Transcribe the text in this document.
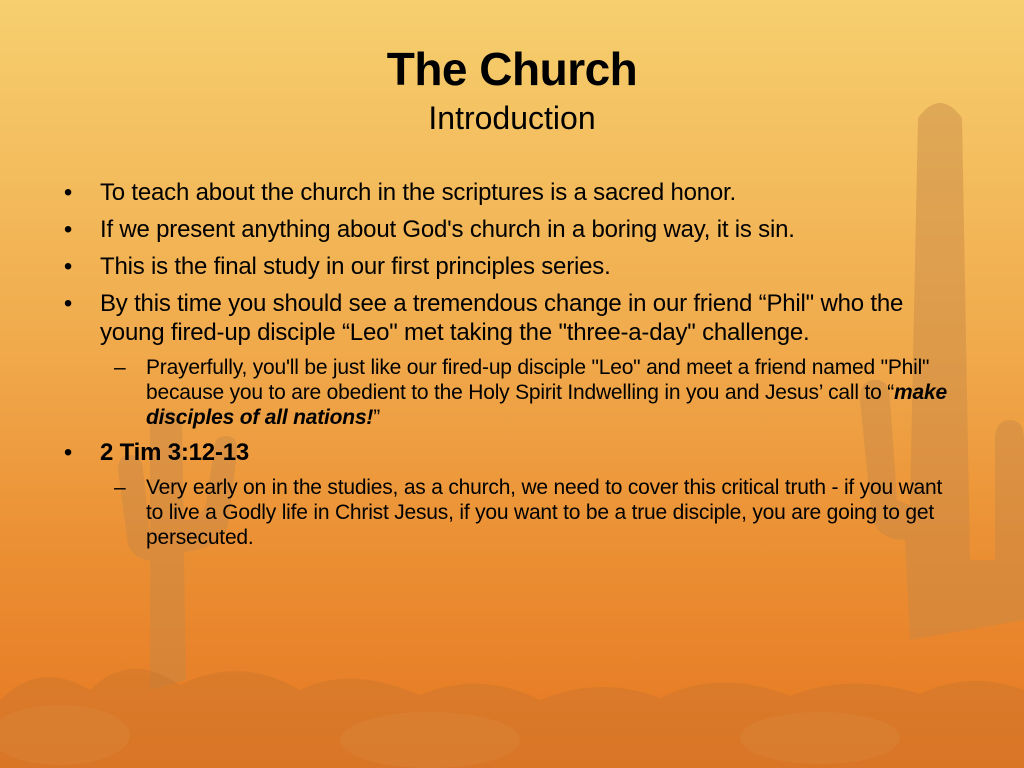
The Church
Introduction
• To teach about the church in the scriptures is a sacred honor.
• If we present anything about God's church in a boring way, it is sin.
• This is the final study in our first principles series.
• By this time you should see a tremendous change in our friend “Phil" who the young fired-up disciple “Leo" met taking the "three-a-day" challenge.
– Prayerfully, you'll be just like our fired-up disciple "Leo" and meet a friend named "Phil" because you to are obedient to the Holy Spirit Indwelling in you and Jesus’ call to “make disciples of all nations!”
• 2 Tim 3:12-13
– Very early on in the studies, as a church, we need to cover this critical truth - if you want to live a Godly life in Christ Jesus, if you want to be a true disciple, you are going to get persecuted.
